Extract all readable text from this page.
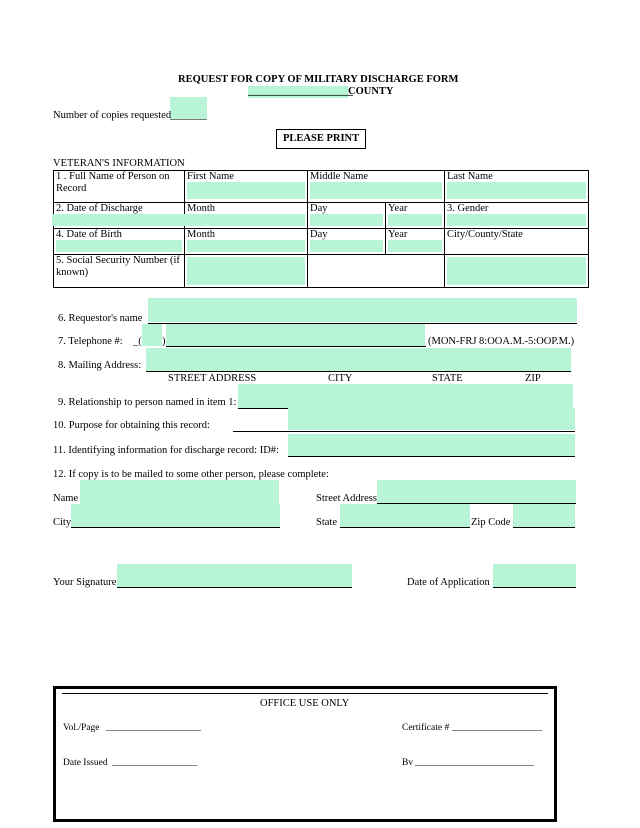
REQUEST FOR COPY OF MILITARY DISCHARGE FORM
____________________
COUNTY
Number of copies requested
_______
PLEASE PRINT
VETERAN'S INFORMATION
1 . Full Name of Person on Record	First Name	Middle Name		Last Name
2. Date of Discharge	Month	Day	Year	3. Gender

4. Date of Birth	Month	Day	Year	City/County/State
5. Social Security Number (if known)		

6. Requestor's name
7. Telephone #: _( )	(MON-FRJ 8:OOA.M.-5:OOP.M.)
8. Mailing Address:
STREET ADDRESS	CITY	STATE	ZIP
9. Relationship to person named in item 1:
10. Purpose for obtaining this record:
11. Identifying information for discharge record: ID#:
12. If copy is to be mailed to some other person, please complete:
Name	Street Address
City	State	Zip Code
Your Signature	Date of Application
OFFICE USE ONLY
Vol./Page ____________________	Certificate # ___________________
Date Issued __________________	Bv _________________________
